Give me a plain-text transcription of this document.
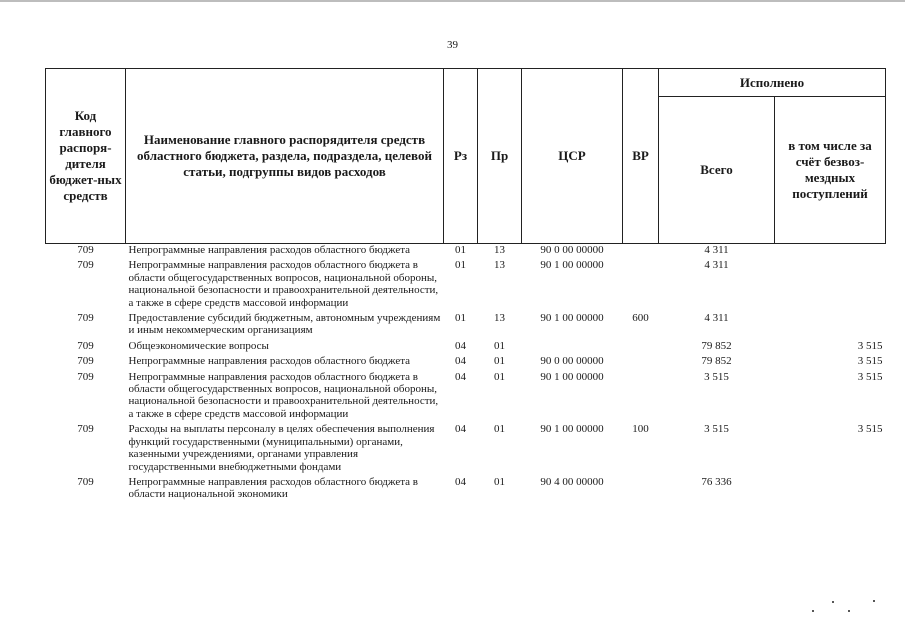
39
Код главного распоря-дителя бюджет-ных средств	Наименование главного распорядителя средств областного бюджета, раздела, подраздела, целевой статьи, подгруппы видов расходов	Рз	Пр	ЦСР	ВР	Исполнено	
						Всего	в том числе за счёт безвоз-мездных поступлений
709	Непрограммные направления расходов областного бюджета	01	13	90 0 00 00000		4 311	

709	Непрограммные направления расходов областного бюджета в области общегосударственных вопросов, национальной обороны, национальной безопасности и правоохранительной деятельности, а также в сфере средств массовой информации	01	13	90 1 00 00000		4 311	

709	Предоставление субсидий бюджетным, автономным учреждениям и иным некоммерческим организациям	01	13	90 1 00 00000	600	4 311	

709	Общеэкономические вопросы	04	01			79 852	3 515

709	Непрограммные направления расходов областного бюджета	04	01	90 0 00 00000		79 852	3 515

709	Непрограммные направления расходов областного бюджета в области общегосударственных вопросов, национальной обороны, национальной безопасности и правоохранительной деятельности, а также в сфере средств массовой информации	04	01	90 1 00 00000		3 515	3 515

709	Расходы на выплаты персоналу в целях обеспечения выполнения функций государственными (муниципальными) органами, казенными учреждениями, органами управления государственными внебюджетными фондами	04	01	90 1 00 00000	100	3 515	3 515

709	Непрограммные направления расходов областного бюджета в области национальной экономики	04	01	90 4 00 00000		76 336	
